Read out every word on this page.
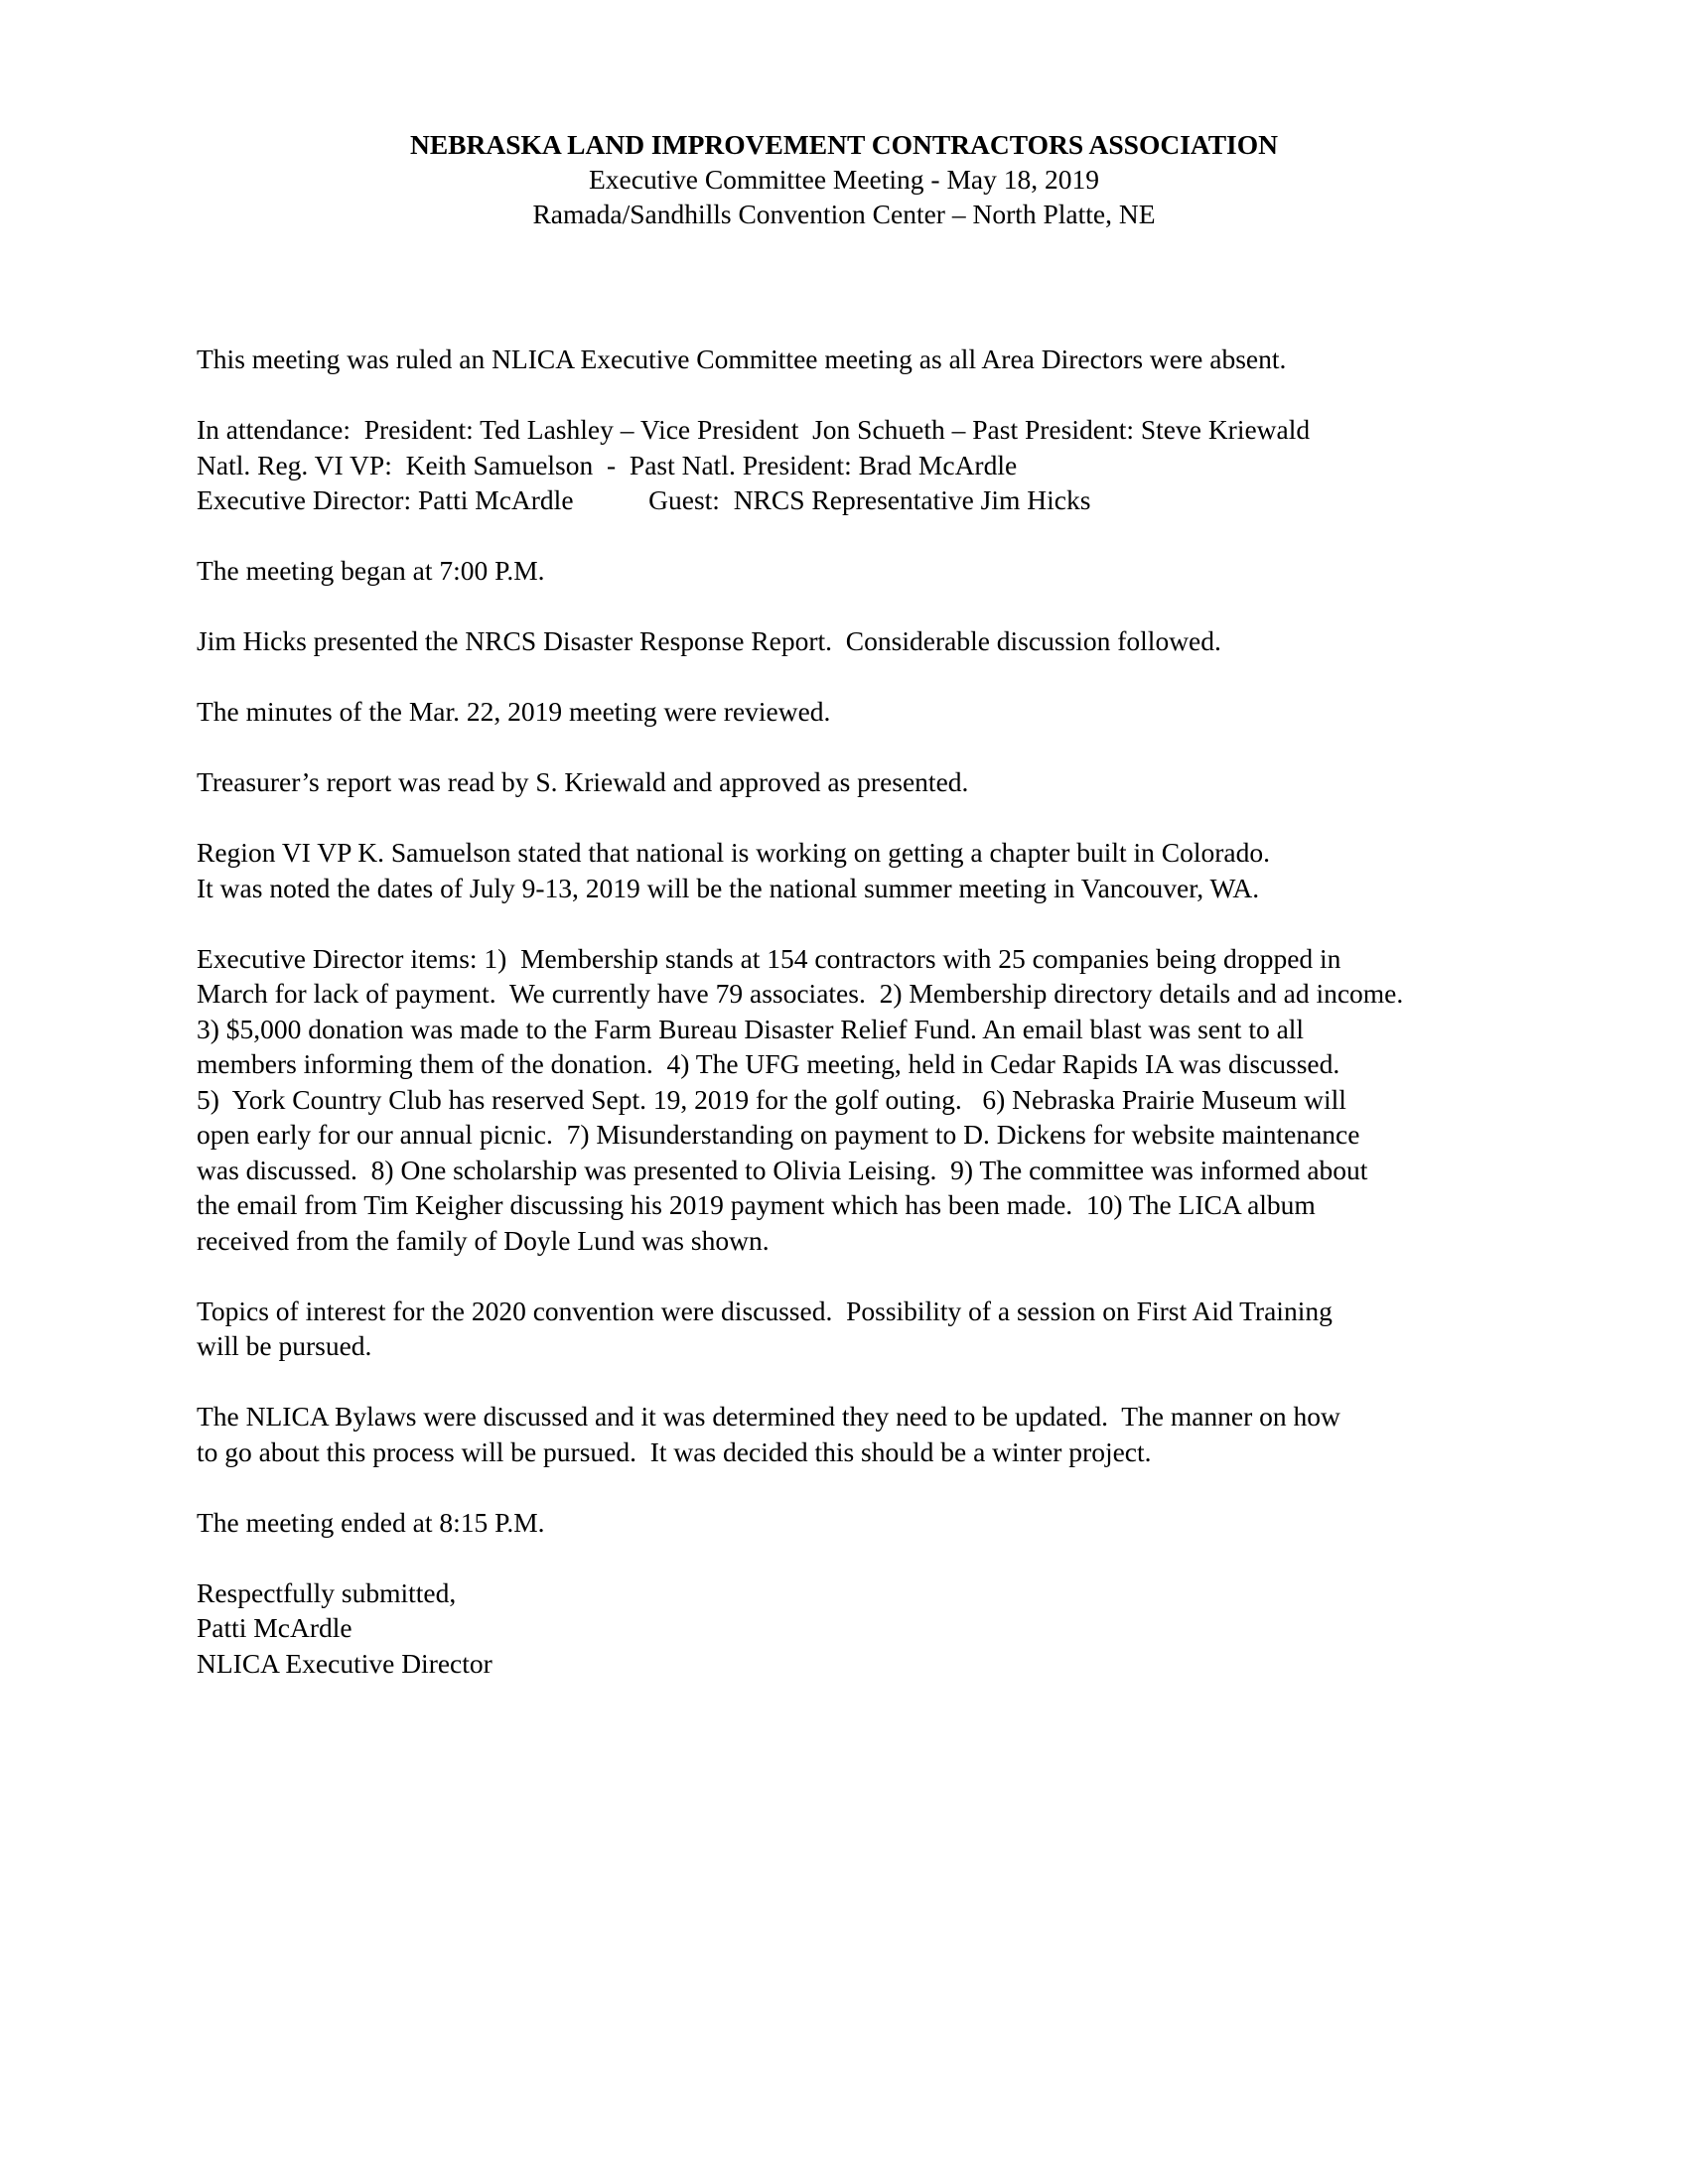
NEBRASKA LAND IMPROVEMENT CONTRACTORS ASSOCIATION
Executive Committee Meeting - May 18, 2019
Ramada/Sandhills Convention Center – North Platte, NE
This meeting was ruled an NLICA Executive Committee meeting as all Area Directors were absent.
In attendance:  President: Ted Lashley – Vice President  Jon Schueth – Past President: Steve Kriewald
Natl. Reg. VI VP:  Keith Samuelson  -  Past Natl. President: Brad McArdle
Executive Director: Patti McArdle           Guest:  NRCS Representative Jim Hicks
The meeting began at 7:00 P.M.
Jim Hicks presented the NRCS Disaster Response Report.  Considerable discussion followed.
The minutes of the Mar. 22, 2019 meeting were reviewed.
Treasurer’s report was read by S. Kriewald and approved as presented.
Region VI VP K. Samuelson stated that national is working on getting a chapter built in Colorado.
It was noted the dates of July 9-13, 2019 will be the national summer meeting in Vancouver, WA.
Executive Director items: 1)  Membership stands at 154 contractors with 25 companies being dropped in
March for lack of payment.  We currently have 79 associates.  2) Membership directory details and ad income.
3) $5,000 donation was made to the Farm Bureau Disaster Relief Fund. An email blast was sent to all
members informing them of the donation.  4) The UFG meeting, held in Cedar Rapids IA was discussed.
5)  York Country Club has reserved Sept. 19, 2019 for the golf outing.   6) Nebraska Prairie Museum will
open early for our annual picnic.  7) Misunderstanding on payment to D. Dickens for website maintenance
was discussed.  8) One scholarship was presented to Olivia Leising.  9) The committee was informed about
the email from Tim Keigher discussing his 2019 payment which has been made.  10) The LICA album
received from the family of Doyle Lund was shown.
Topics of interest for the 2020 convention were discussed.  Possibility of a session on First Aid Training
will be pursued.
The NLICA Bylaws were discussed and it was determined they need to be updated.  The manner on how
to go about this process will be pursued.  It was decided this should be a winter project.
The meeting ended at 8:15 P.M.
Respectfully submitted,
Patti McArdle
NLICA Executive Director
